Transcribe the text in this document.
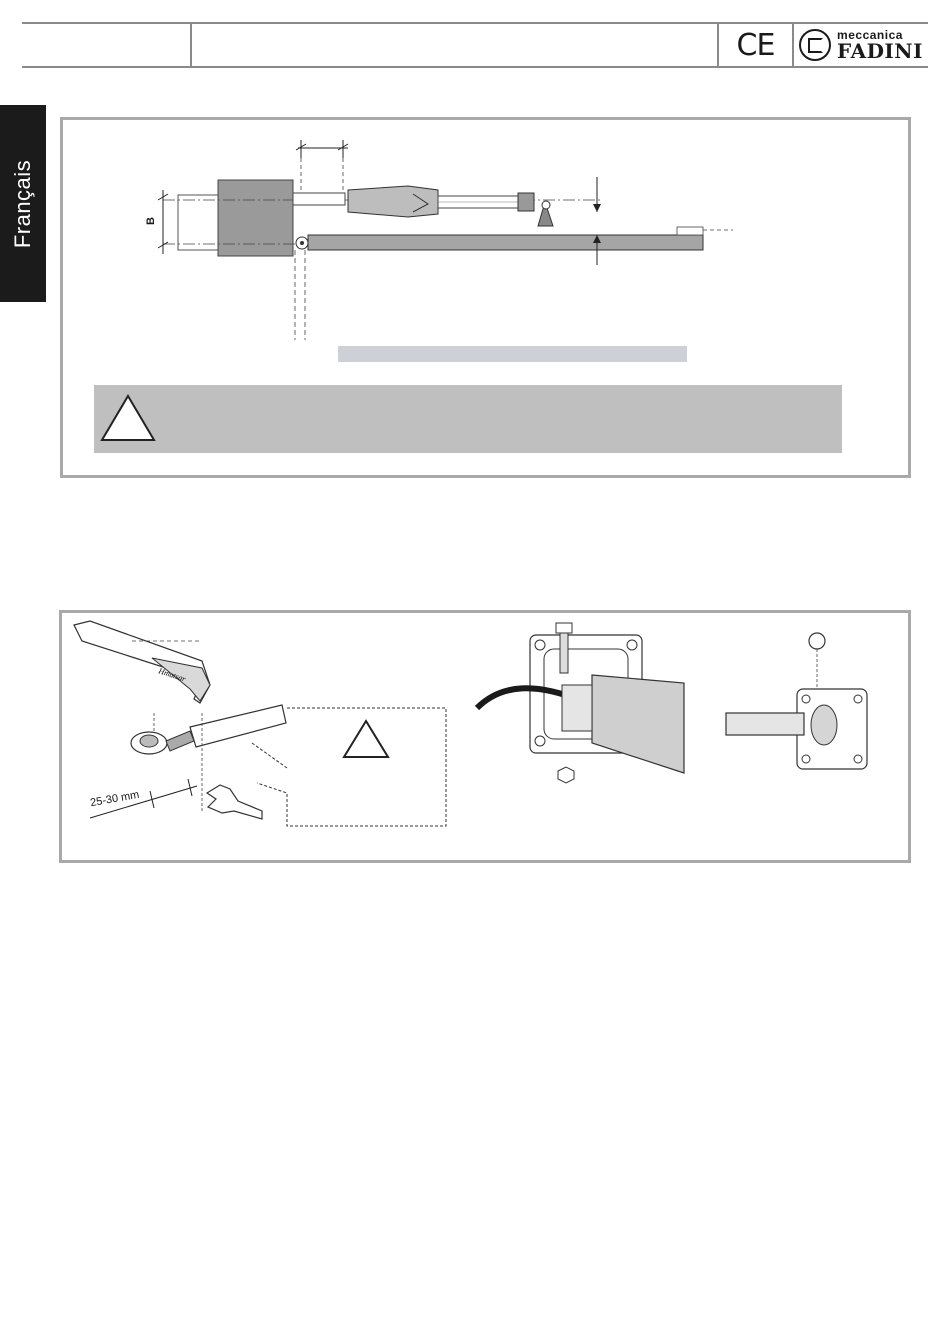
CE	meccanica
FADINI
Français	B
Hmatsar
25-30 mm
